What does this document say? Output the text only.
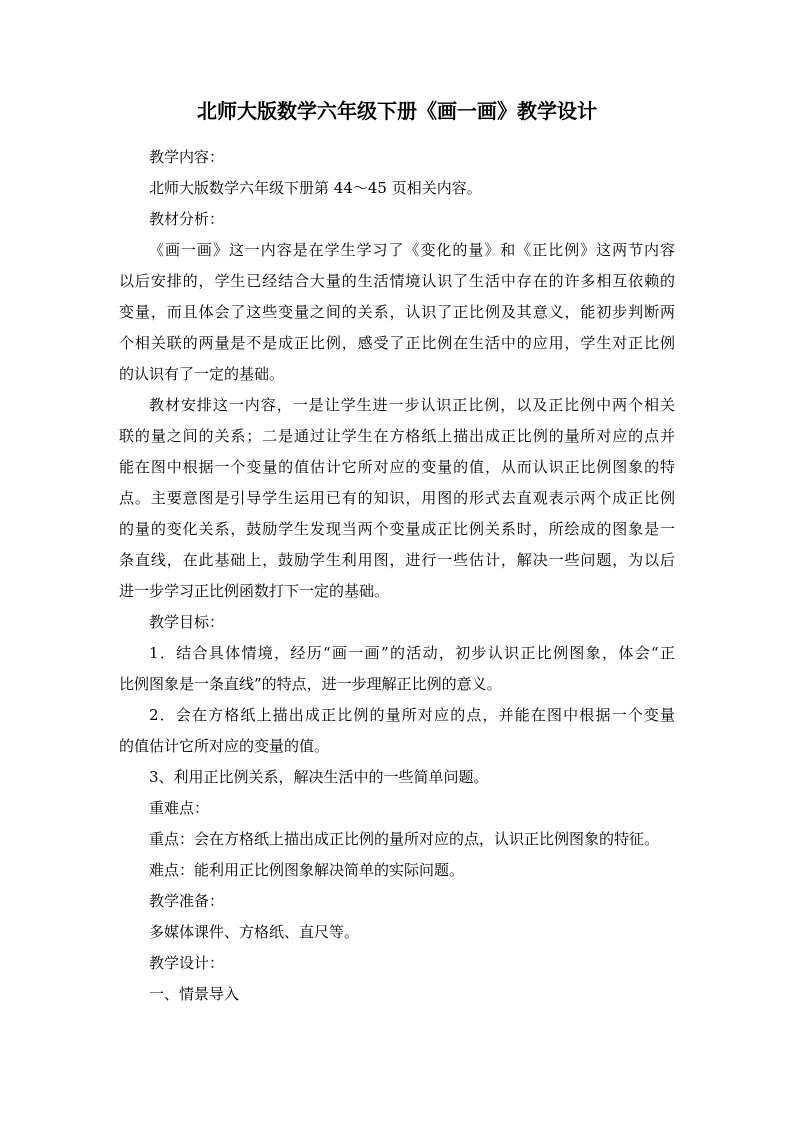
北师大版数学六年级下册《画一画》教学设计
教学内容：
北师大版数学六年级下册第 44～45 页相关内容。
教材分析：
《画一画》这一内容是在学生学习了《变化的量》和《正比例》这两节内容
以后安排的，学生已经结合大量的生活情境认识了生活中存在的许多相互依赖的
变量，而且体会了这些变量之间的关系，认识了正比例及其意义，能初步判断两
个相关联的两量是不是成正比例，感受了正比例在生活中的应用，学生对正比例
的认识有了一定的基础。
教材安排这一内容，一是让学生进一步认识正比例，以及正比例中两个相关
联的量之间的关系；二是通过让学生在方格纸上描出成正比例的量所对应的点并
能在图中根据一个变量的值估计它所对应的变量的值，从而认识正比例图象的特
点。主要意图是引导学生运用已有的知识，用图的形式去直观表示两个成正比例
的量的变化关系，鼓励学生发现当两个变量成正比例关系时，所绘成的图象是一
条直线，在此基础上，鼓励学生利用图，进行一些估计，解决一些问题，为以后
进一步学习正比例函数打下一定的基础。
教学目标：
1．结合具体情境，经历“画一画”的活动，初步认识正比例图象，体会“正
比例图象是一条直线”的特点，进一步理解正比例的意义。
2．会在方格纸上描出成正比例的量所对应的点，并能在图中根据一个变量
的值估计它所对应的变量的值。
3、利用正比例关系，解决生活中的一些简单问题。
重难点：
重点：会在方格纸上描出成正比例的量所对应的点，认识正比例图象的特征。
难点：能利用正比例图象解决简单的实际问题。
教学准备：
多媒体课件、方格纸、直尺等。
教学设计：
一、情景导入
